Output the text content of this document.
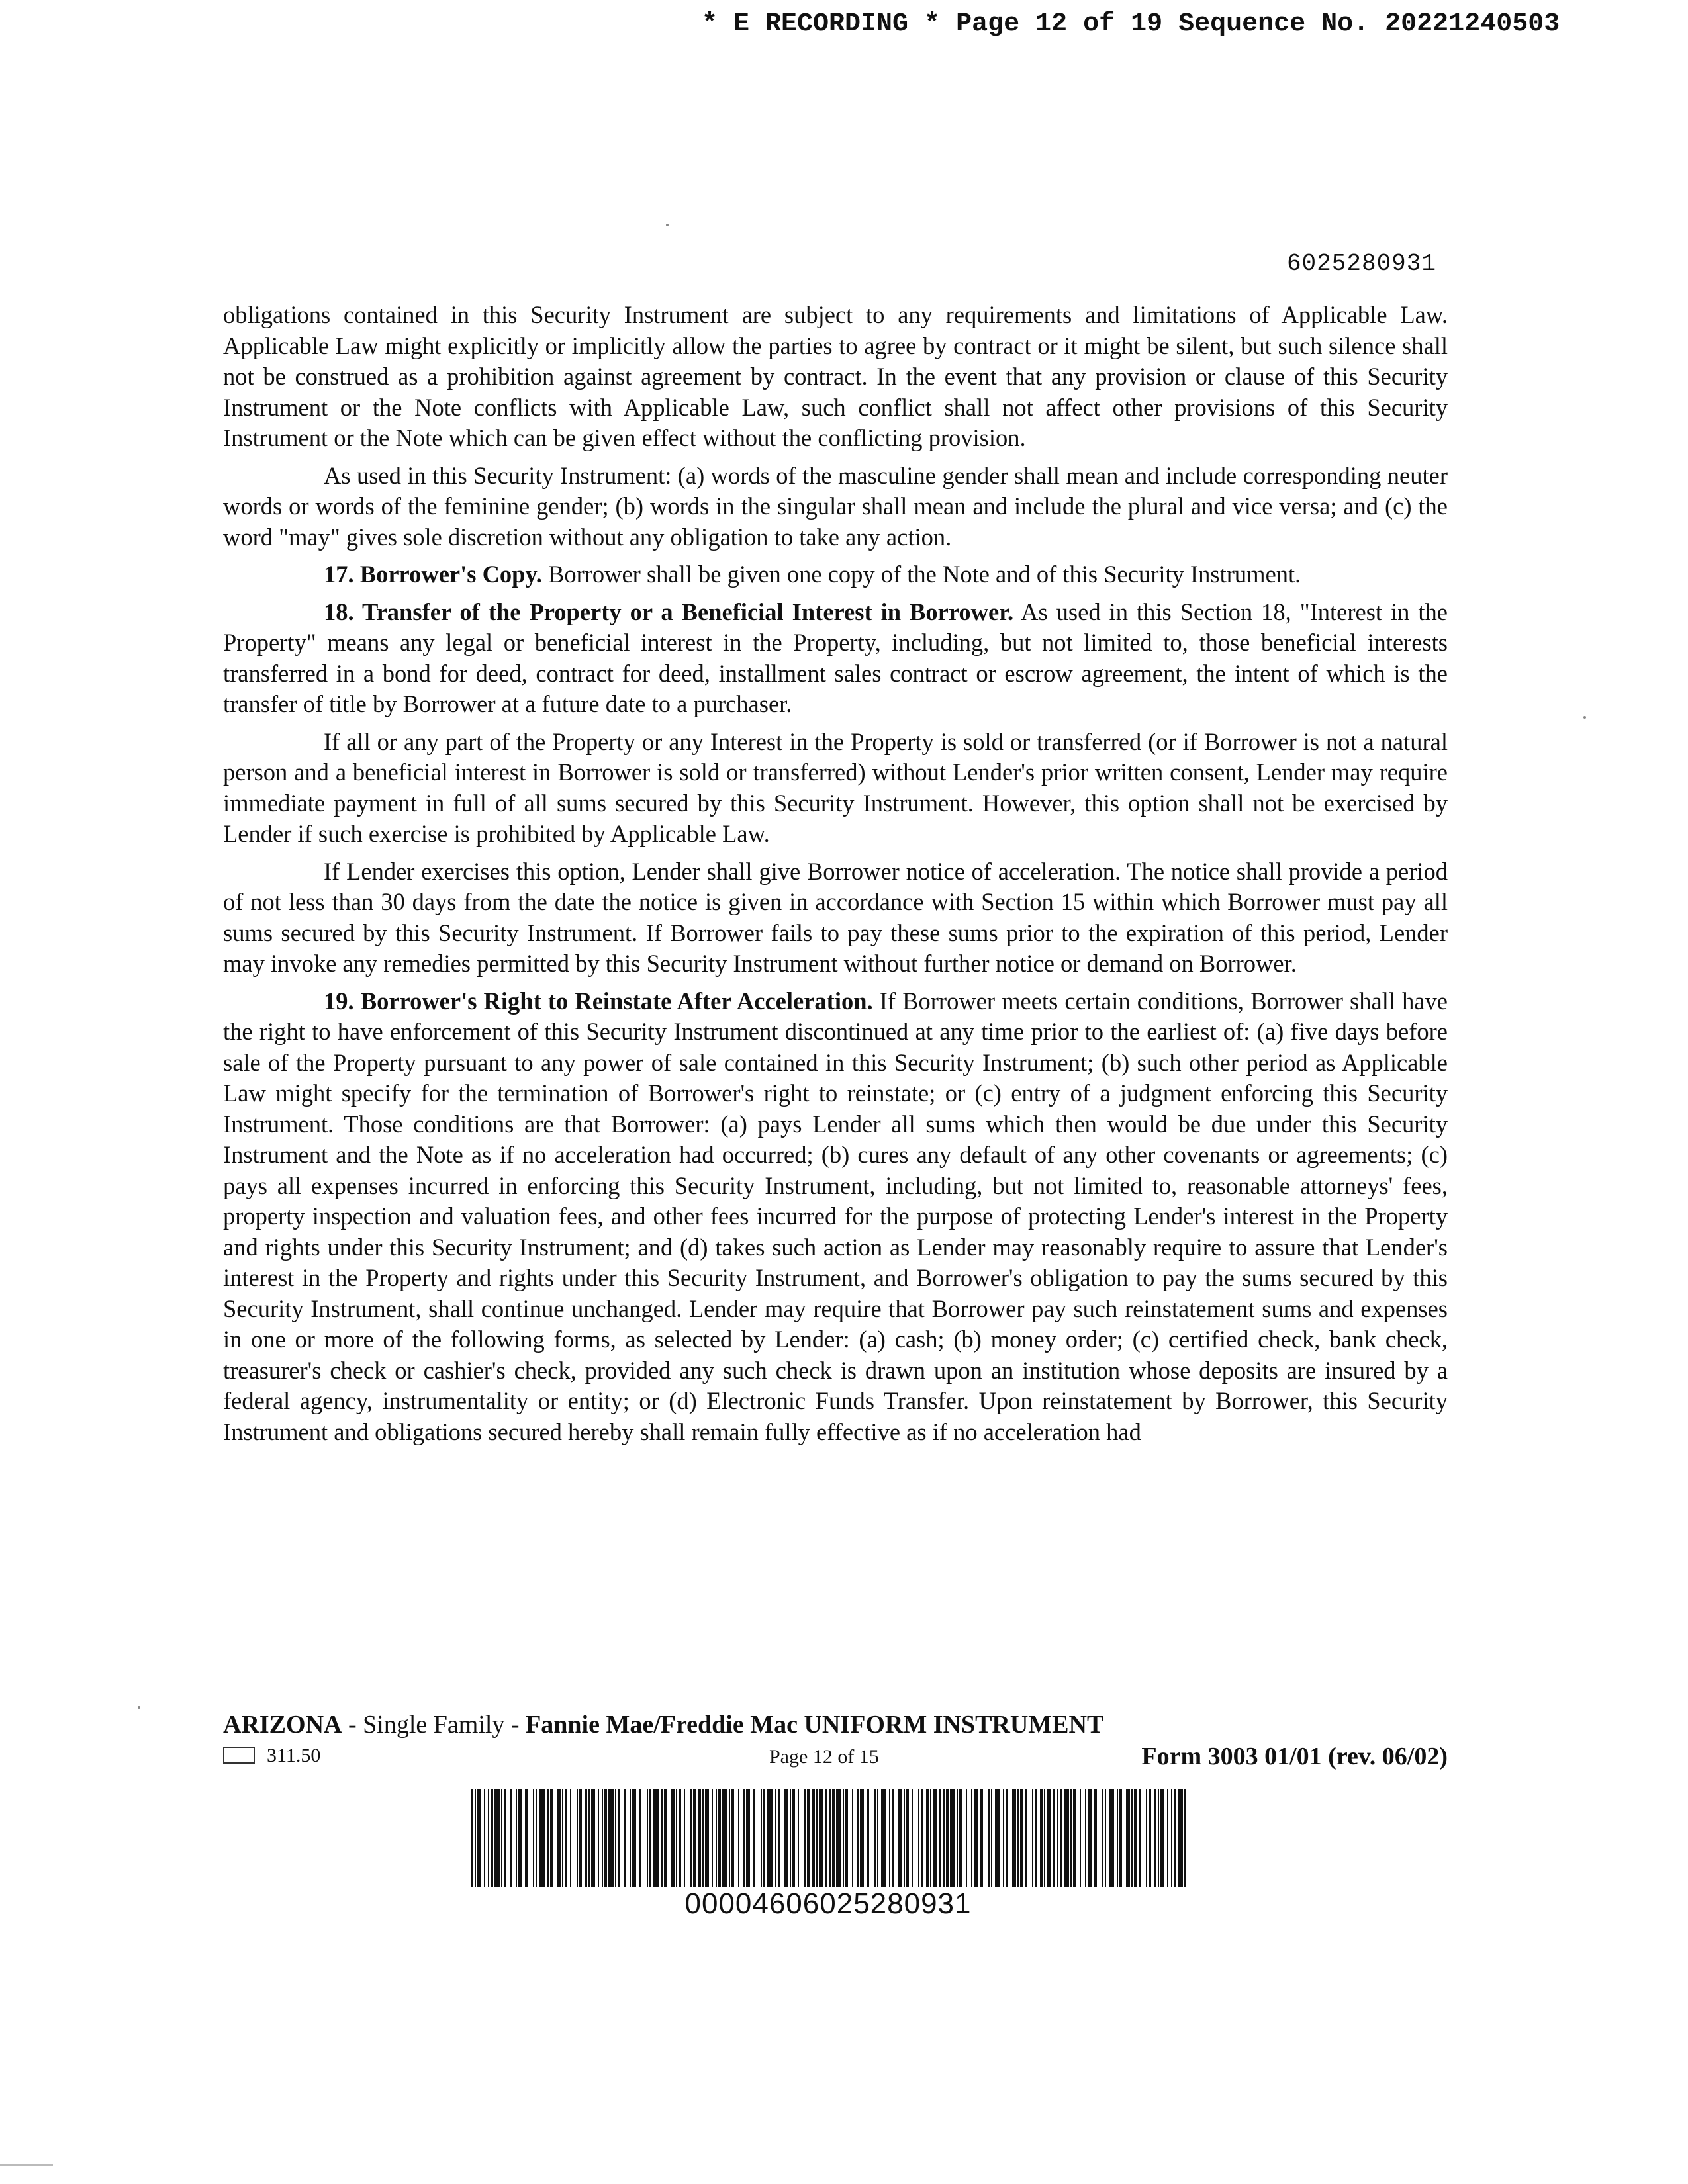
* E RECORDING * Page 12 of 19 Sequence No. 20221240503
6025280931

obligations contained in this Security Instrument are subject to any requirements and limitations of Applicable Law. Applicable Law might explicitly or implicitly allow the parties to agree by contract or it might be silent, but such silence shall not be construed as a prohibition against agreement by contract. In the event that any provision or clause of this Security Instrument or the Note conflicts with Applicable Law, such conflict shall not affect other provisions of this Security Instrument or the Note which can be given effect without the conflicting provision.

As used in this Security Instrument: (a) words of the masculine gender shall mean and include corresponding neuter words or words of the feminine gender; (b) words in the singular shall mean and include the plural and vice versa; and (c) the word "may" gives sole discretion without any obligation to take any action.

17. Borrower's Copy. Borrower shall be given one copy of the Note and of this Security Instrument.

18. Transfer of the Property or a Beneficial Interest in Borrower. As used in this Section 18, "Interest in the Property" means any legal or beneficial interest in the Property, including, but not limited to, those beneficial interests transferred in a bond for deed, contract for deed, installment sales contract or escrow agreement, the intent of which is the transfer of title by Borrower at a future date to a purchaser.

If all or any part of the Property or any Interest in the Property is sold or transferred (or if Borrower is not a natural person and a beneficial interest in Borrower is sold or transferred) without Lender's prior written consent, Lender may require immediate payment in full of all sums secured by this Security Instrument. However, this option shall not be exercised by Lender if such exercise is prohibited by Applicable Law.

If Lender exercises this option, Lender shall give Borrower notice of acceleration. The notice shall provide a period of not less than 30 days from the date the notice is given in accordance with Section 15 within which Borrower must pay all sums secured by this Security Instrument. If Borrower fails to pay these sums prior to the expiration of this period, Lender may invoke any remedies permitted by this Security Instrument without further notice or demand on Borrower.

19. Borrower's Right to Reinstate After Acceleration. If Borrower meets certain conditions, Borrower shall have the right to have enforcement of this Security Instrument discontinued at any time prior to the earliest of: (a) five days before sale of the Property pursuant to any power of sale contained in this Security Instrument; (b) such other period as Applicable Law might specify for the termination of Borrower's right to reinstate; or (c) entry of a judgment enforcing this Security Instrument. Those conditions are that Borrower: (a) pays Lender all sums which then would be due under this Security Instrument and the Note as if no acceleration had occurred; (b) cures any default of any other covenants or agreements; (c) pays all expenses incurred in enforcing this Security Instrument, including, but not limited to, reasonable attorneys' fees, property inspection and valuation fees, and other fees incurred for the purpose of protecting Lender's interest in the Property and rights under this Security Instrument; and (d) takes such action as Lender may reasonably require to assure that Lender's interest in the Property and rights under this Security Instrument, and Borrower's obligation to pay the sums secured by this Security Instrument, shall continue unchanged. Lender may require that Borrower pay such reinstatement sums and expenses in one or more of the following forms, as selected by Lender: (a) cash; (b) money order; (c) certified check, bank check, treasurer's check or cashier's check, provided any such check is drawn upon an institution whose deposits are insured by a federal agency, instrumentality or entity; or (d) Electronic Funds Transfer. Upon reinstatement by Borrower, this Security Instrument and obligations secured hereby shall remain fully effective as if no acceleration had

ARIZONA - Single Family - Fannie Mae/Freddie Mac UNIFORM INSTRUMENT
311.50	Page 12 of 15	Form 3003 01/01 (rev. 06/02)
00004606025280931
